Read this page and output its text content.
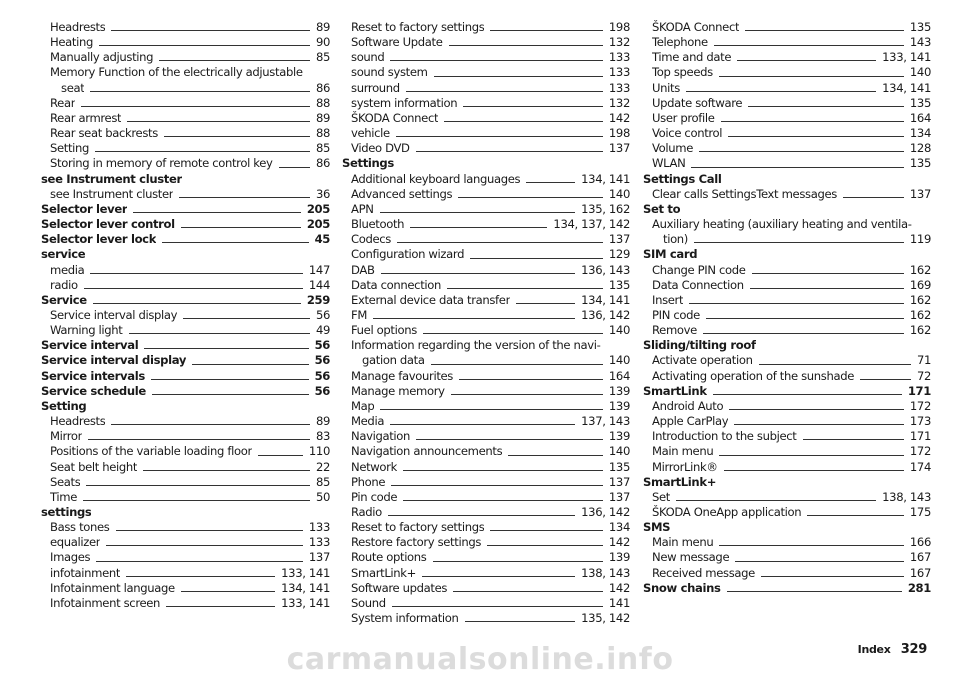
Headrests	89
Heating	90
Manually adjusting	85
Memory Function of the electrically adjustable
seat	86
Rear	88
Rear armrest	89
Rear seat backrests	88
Setting	85
Storing in memory of remote control key	86
see Instrument cluster
see Instrument cluster	36
Selector lever	205
Selector lever control	205
Selector lever lock	45
service
media	147
radio	144
Service	259
Service interval display	56
Warning light	49
Service interval	56
Service interval display	56
Service intervals	56
Service schedule	56
Setting
Headrests	89
Mirror	83
Positions of the variable loading floor	110
Seat belt height	22
Seats	85
Time	50
settings
Bass tones	133
equalizer	133
Images	137
infotainment	133, 141
Infotainment language	134, 141
Infotainment screen	133, 141
Reset to factory settings	198
Software Update	132
sound	133
sound system	133
surround	133
system information	132
ŠKODA Connect	142
vehicle	198
Video DVD	137
Settings
Additional keyboard languages	134, 141
Advanced settings	140
APN	135, 162
Bluetooth	134, 137, 142
Codecs	137
Configuration wizard	129
DAB	136, 143
Data connection	135
External device data transfer	134, 141
FM	136, 142
Fuel options	140
Information regarding the version of the navi-
gation data	140
Manage favourites	164
Manage memory	139
Map	139
Media	137, 143
Navigation	139
Navigation announcements	140
Network	135
Phone	137
Pin code	137
Radio	136, 142
Reset to factory settings	134
Restore factory settings	142
Route options	139
SmartLink+	138, 143
Software updates	142
Sound	141
System information	135, 142
ŠKODA Connect	135
Telephone	143
Time and date	133, 141
Top speeds	140
Units	134, 141
Update software	135
User profile	164
Voice control	134
Volume	128
WLAN	135
Settings Call
Clear calls SettingsText messages	137
Set to
Auxiliary heating (auxiliary heating and ventila-
tion)	119
SIM card
Change PIN code	162
Data Connection	169
Insert	162
PIN code	162
Remove	162
Sliding/tilting roof
Activate operation	71
Activating operation of the sunshade	72
SmartLink	171
Android Auto	172
Apple CarPlay	173
Introduction to the subject	171
Main menu	172
MirrorLink®	174
SmartLink+
Set	138, 143
ŠKODA OneApp application	175
SMS
Main menu	166
New message	167
Received message	167
Snow chains	281
carmanualsonline.info	Index 329
